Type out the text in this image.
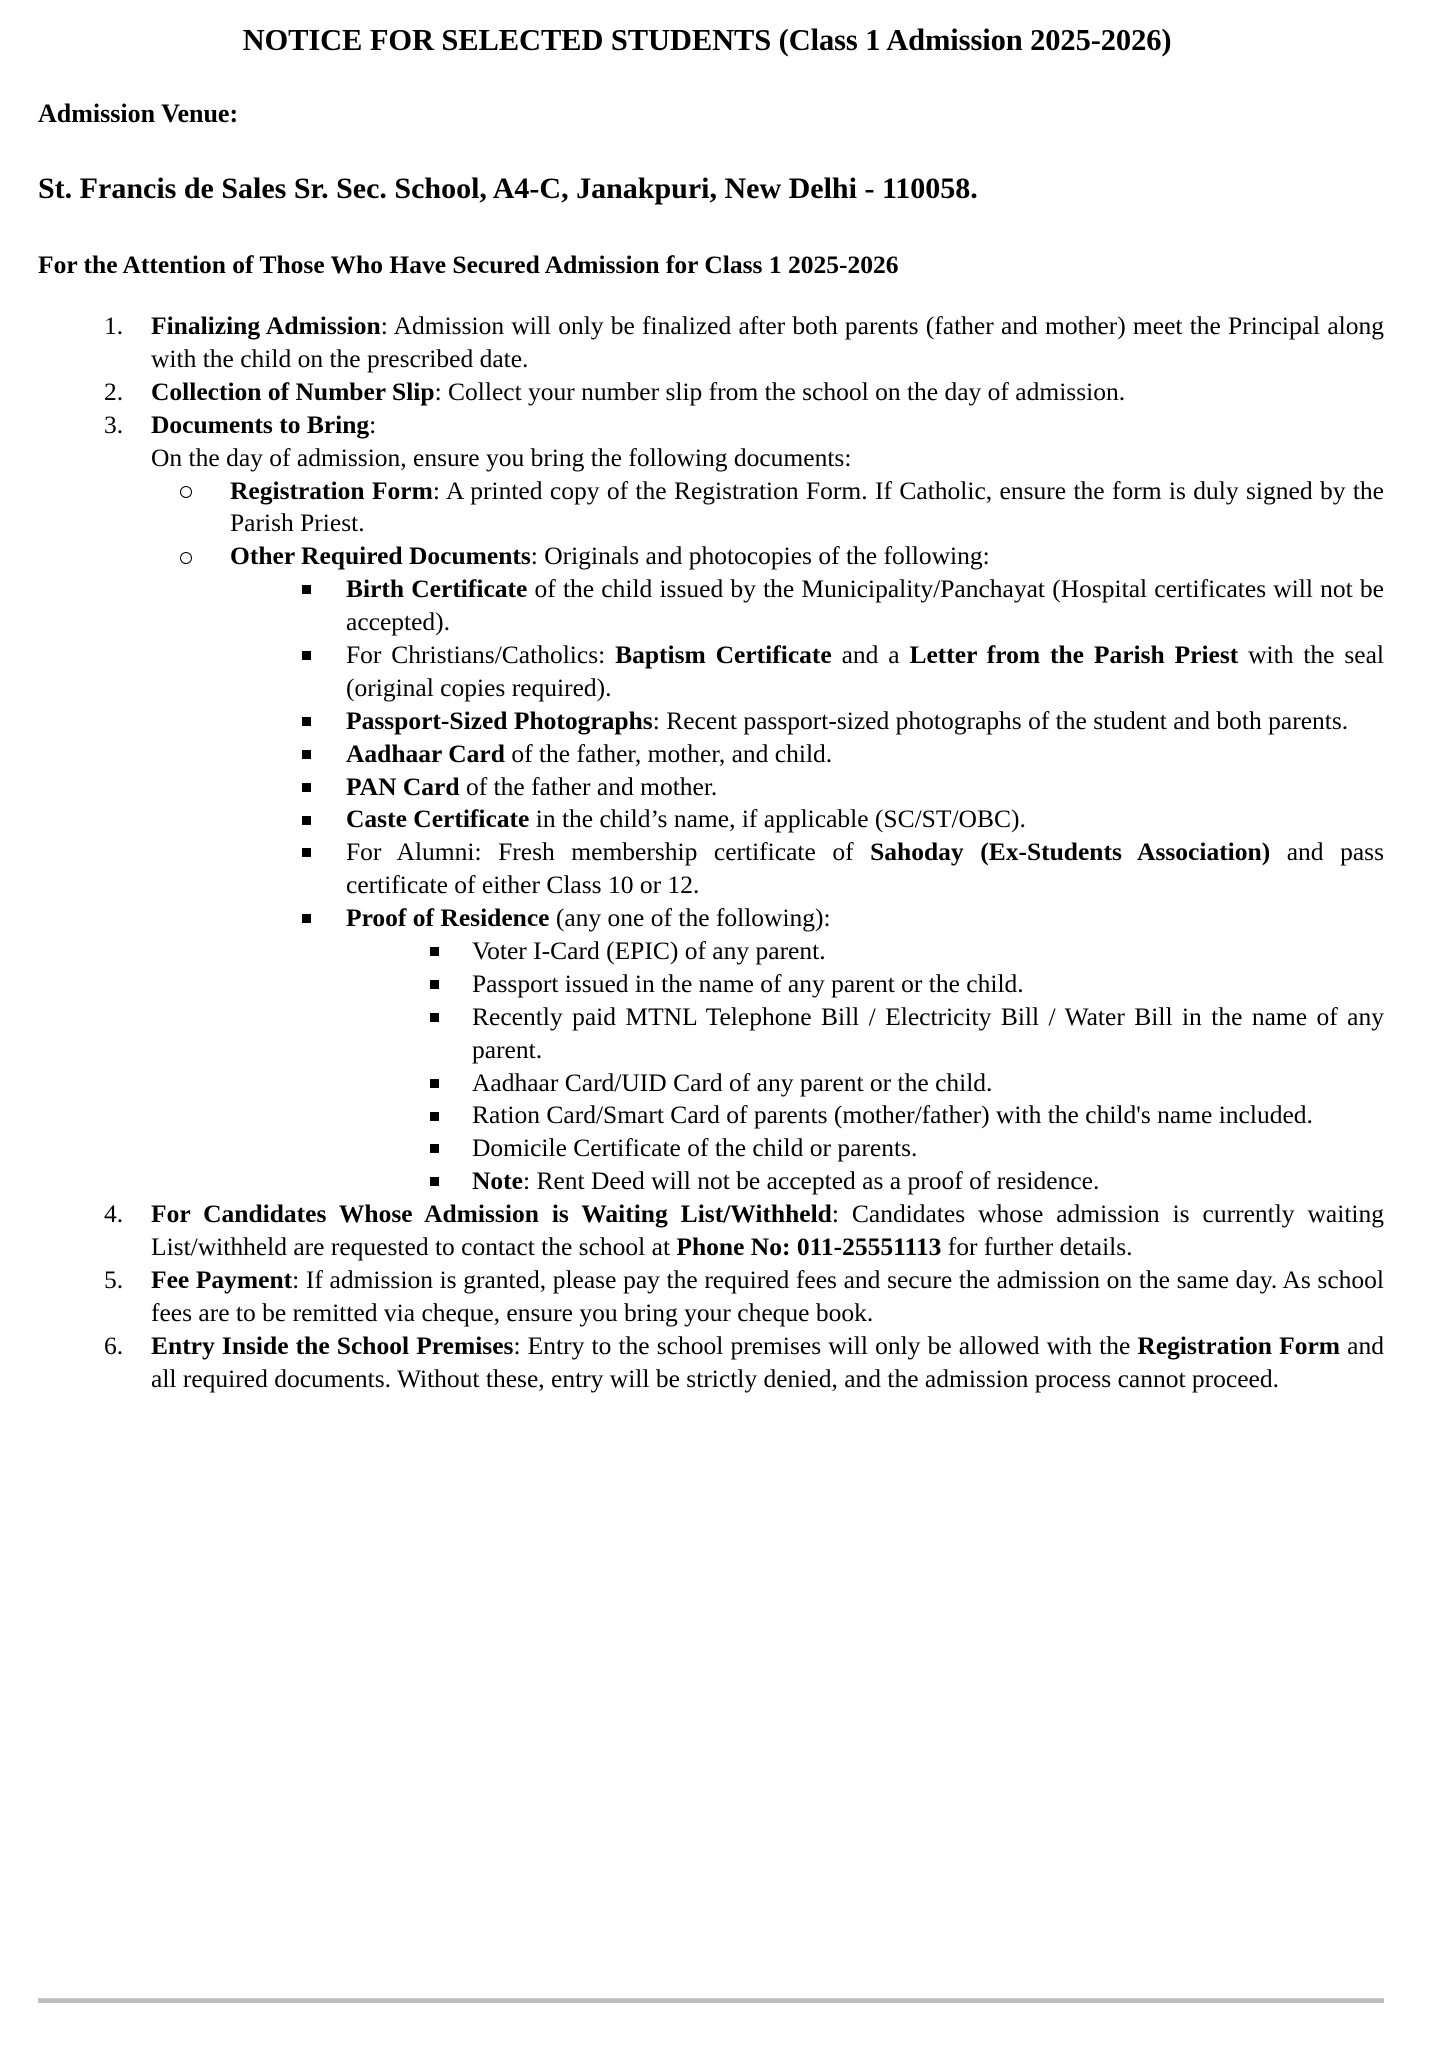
NOTICE FOR SELECTED STUDENTS (Class 1 Admission 2025-2026)
Admission Venue:
St. Francis de Sales Sr. Sec. School, A4-C, Janakpuri, New Delhi - 110058.
For the Attention of Those Who Have Secured Admission for Class 1 2025-2026
1.	Finalizing Admission: Admission will only be finalized after both parents (father and mother) meet the Principal along with the child on the prescribed date.
2.	Collection of Number Slip: Collect your number slip from the school on the day of admission.
3.	Documents to Bring:
On the day of admission, ensure you bring the following documents:
Registration Form: A printed copy of the Registration Form. If Catholic, ensure the form is duly signed by the Parish Priest.
Other Required Documents: Originals and photocopies of the following:
Birth Certificate of the child issued by the Municipality/Panchayat (Hospital certificates will not be accepted).
For Christians/Catholics: Baptism Certificate and a Letter from the Parish Priest with the seal (original copies required).
Passport-Sized Photographs: Recent passport-sized photographs of the student and both parents.
Aadhaar Card of the father, mother, and child.
PAN Card of the father and mother.
Caste Certificate in the child’s name, if applicable (SC/ST/OBC).
For Alumni: Fresh membership certificate of Sahoday (Ex-Students Association) and pass certificate of either Class 10 or 12.
Proof of Residence (any one of the following):
Voter I-Card (EPIC) of any parent.
Passport issued in the name of any parent or the child.
Recently paid MTNL Telephone Bill / Electricity Bill / Water Bill in the name of any parent.
Aadhaar Card/UID Card of any parent or the child.
Ration Card/Smart Card of parents (mother/father) with the child's name included.
Domicile Certificate of the child or parents.
Note: Rent Deed will not be accepted as a proof of residence.
4.	For Candidates Whose Admission is Waiting List/Withheld: Candidates whose admission is currently waiting List/withheld are requested to contact the school at Phone No: 011-25551113 for further details.
5.	Fee Payment: If admission is granted, please pay the required fees and secure the admission on the same day. As school fees are to be remitted via cheque, ensure you bring your cheque book.
6.	Entry Inside the School Premises: Entry to the school premises will only be allowed with the Registration Form and all required documents. Without these, entry will be strictly denied, and the admission process cannot proceed.
